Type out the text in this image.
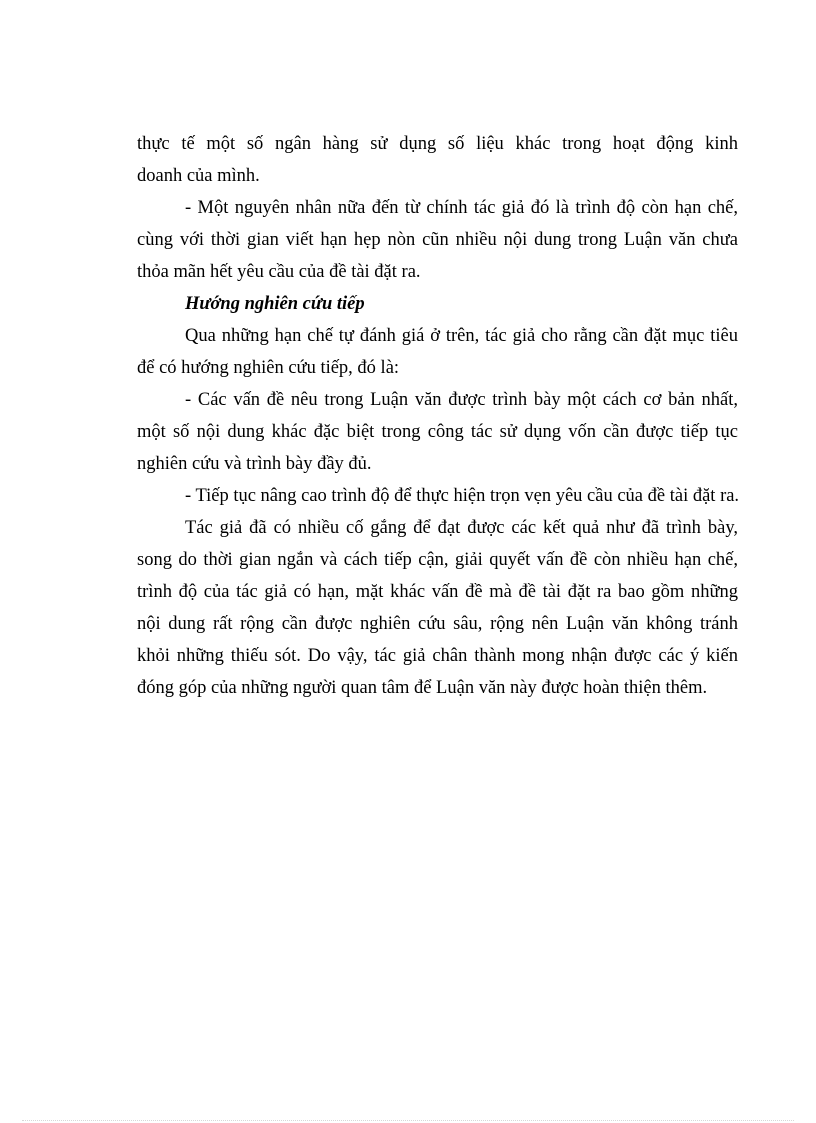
thực tế một số ngân hàng sử dụng số liệu khác trong hoạt động kinh
doanh của mình.
- Một nguyên nhân nữa đến từ chính tác giả đó là trình độ còn hạn chế,
cùng với thời gian viết hạn hẹp nòn cũn nhiều nội dung trong Luận văn chưa
thỏa mãn hết yêu cầu của đề tài đặt ra.
Hướng nghiên cứu tiếp
Qua những hạn chế tự đánh giá ở trên, tác giả cho rằng cần đặt mục tiêu
để có hướng nghiên cứu tiếp, đó là:
- Các vấn đề nêu trong Luận văn được trình bày một cách cơ bản nhất,
một số nội dung khác đặc biệt trong công tác sử dụng vốn cần được tiếp tục
nghiên cứu và trình bày đầy đủ.
- Tiếp tục nâng cao trình độ để thực hiện trọn vẹn yêu cầu của đề tài đặt ra.
Tác giả đã có nhiều cố gắng để đạt được các kết quả như đã trình bày,
song do thời gian ngắn và cách tiếp cận, giải quyết vấn đề còn nhiều hạn chế,
trình độ của tác giả có hạn, mặt khác vấn đề mà đề tài đặt ra bao gồm những
nội dung rất rộng cần được nghiên cứu sâu, rộng nên Luận văn không tránh
khỏi những thiếu sót. Do vậy, tác giả chân thành mong nhận được các ý kiến
đóng góp của những người quan tâm để Luận văn này được hoàn thiện thêm.
